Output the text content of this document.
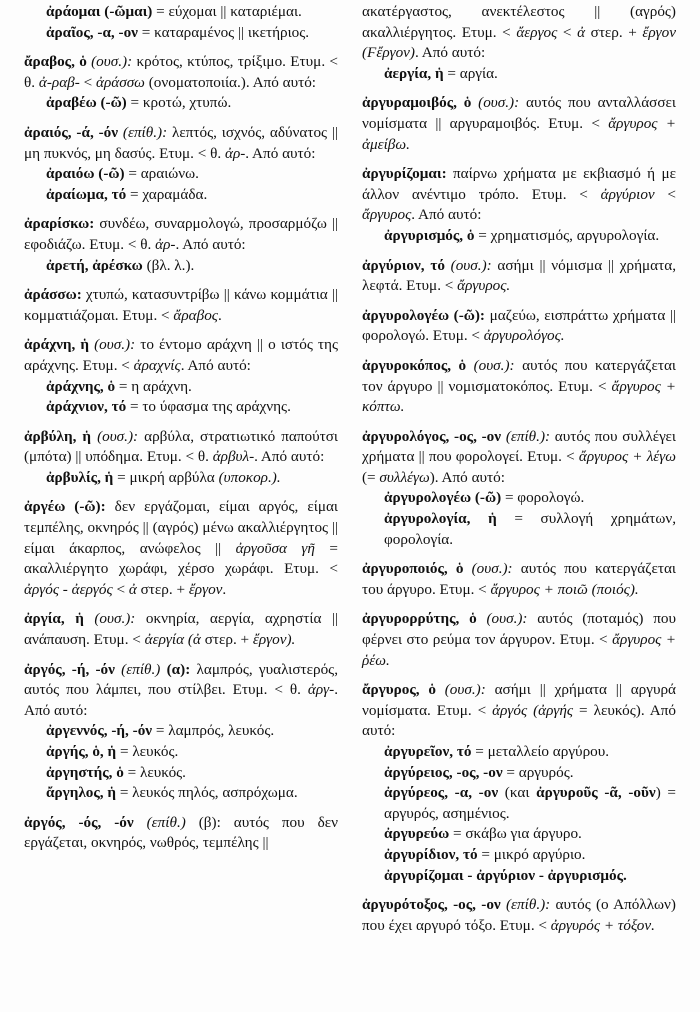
ἀράομαι (-ῶμαι) = εύχομαι || καταριέμαι.

ἀραῖος, -α, -ον = καταραμένος || ικετήριος.

ἄραβος, ὁ (ουσ.): κρότος, κτύπος, τρίξιμο. Ετυμ. < θ. ἀ-ραβ- < ἀράσσω (ονοματοποιία.). Από αυτό:

ἀραβέω (-ῶ) = κροτώ, χτυπώ.

ἀραιός, -ά, -όν (επίθ.): λεπτός, ισχνός, αδύνατος || μη πυκνός, μη δασύς. Ετυμ. < θ. ἀρ-. Από αυτό:

ἀραιόω (-ῶ) = αραιώνω.

ἀραίωμα, τό = χαραμάδα.

ἀραρίσκω: συνδέω, συναρμολογώ, προσαρμόζω || εφοδιάζω. Ετυμ. < θ. ἀρ-. Από αυτό:

ἀρετή, ἀρέσκω (βλ. λ.).

ἀράσσω: χτυπώ, κατασυντρίβω || κάνω κομμάτια || κομματιάζομαι. Ετυμ. < ἄραβος.

ἀράχνη, ἡ (ουσ.): το έντομο αράχνη || ο ιστός της αράχνης. Ετυμ. < ἀραχνίς. Από αυτό:

ἀράχνης, ὁ = η αράχνη.

ἀράχνιον, τό = το ύφασμα της αράχνης.

ἀρβύλη, ἡ (ουσ.): αρβύλα, στρατιωτικό παπούτσι (μπότα) || υπόδημα. Ετυμ. < θ. ἀρβυλ-. Από αυτό:

ἀρβυλίς, ἡ = μικρή αρβύλα (υποκορ.).

ἀργέω (-ῶ): δεν εργάζομαι, είμαι αργός, είμαι τεμπέλης, οκνηρός || (αγρός) μένω ακαλλιέργητος || είμαι άκαρπος, ανώφελος || ἀργοῦσα γῆ = ακαλλιέργητο χωράφι, χέρσο χωράφι. Ετυμ. < ἀργός - ἀεργός < ἀ στερ. + ἔργον.

ἀργία, ἡ (ουσ.): οκνηρία, αεργία, αχρηστία || ανάπαυση. Ετυμ. < ἀεργία (ἀ στερ. + ἔργον).

ἀργός, -ή, -όν (επίθ.) (α): λαμπρός, γυαλιστερός, αυτός που λάμπει, που στίλβει. Ετυμ. < θ. ἀργ-. Από αυτό:

ἀργεννός, -ή, -όν = λαμπρός, λευκός.

ἀργής, ὁ, ἡ = λευκός.

ἀργηστής, ὁ = λευκός.

ἄργηλος, ἡ = λευκός πηλός, ασπρόχωμα.

ἀργός, -ός, -όν (επίθ.) (β): αυτός που δεν εργάζεται, οκνηρός, νωθρός, τεμπέλης ||

ακατέργαστος, ανεκτέλεστος || (αγρός) ακαλλιέργητος. Ετυμ. < ἄεργος < ἀ στερ. + ἔργον (Ϝἔργον). Από αυτό:

ἀεργία, ἡ = αργία.

ἀργυραμοιβός, ὁ (ουσ.): αυτός που ανταλλάσσει νομίσματα || αργυραμοιβός. Ετυμ. < ἄργυρος + ἀμείβω.

ἀργυρίζομαι: παίρνω χρήματα με εκβιασμό ή με άλλον ανέντιμο τρόπο. Ετυμ. < ἀργύριον < ἄργυρος. Από αυτό:

ἀργυρισμός, ὁ = χρηματισμός, αργυρολογία.

ἀργύριον, τό (ουσ.): ασήμι || νόμισμα || χρήματα, λεφτά. Ετυμ. < ἄργυρος.

ἀργυρολογέω (-ῶ): μαζεύω, εισπράττω χρήματα || φορολογώ. Ετυμ. < ἀργυρολόγος.

ἀργυροκόπος, ὁ (ουσ.): αυτός που κατεργάζεται τον άργυρο || νομισματοκόπος. Ετυμ. < ἄργυρος + κόπτω.

ἀργυρολόγος, -ος, -ον (επίθ.): αυτός που συλλέγει χρήματα || που φορολογεί. Ετυμ. < ἄργυρος + λέγω (= συλλέγω). Από αυτό:

ἀργυρολογέω (-ῶ) = φορολογώ.

ἀργυρολογία, ἡ = συλλογή χρημάτων, φορολογία.

ἀργυροποιός, ὁ (ουσ.): αυτός που κατεργάζεται του άργυρο. Ετυμ. < ἄργυρος + ποιῶ (ποιός).

ἀργυρορρύτης, ὁ (ουσ.): αυτός (ποταμός) που φέρνει στο ρεύμα τον άργυρον. Ετυμ. < ἄργυρος + ῥέω.

ἄργυρος, ὁ (ουσ.): ασήμι || χρήματα || αργυρά νομίσματα. Ετυμ. < ἀργός (ἀργής = λευκός). Από αυτό:

ἀργυρεῖον, τό = μεταλλείο αργύρου.

ἀργύρειος, -ος, -ον = αργυρός.

ἀργύρεος, -α, -ον (και ἀργυροῦς -ᾶ, -οῦν) = αργυρός, ασημένιος.

ἀργυρεύω = σκάβω για άργυρο.

ἀργυρίδιον, τό = μικρό αργύριο.

ἀργυρίζομαι - ἀργύριον - ἀργυρισμός.

ἀργυρότοξος, -ος, -ον (επίθ.): αυτός (ο Απόλλων) που έχει αργυρό τόξο. Ετυμ. < ἀργυρός + τόξον.
